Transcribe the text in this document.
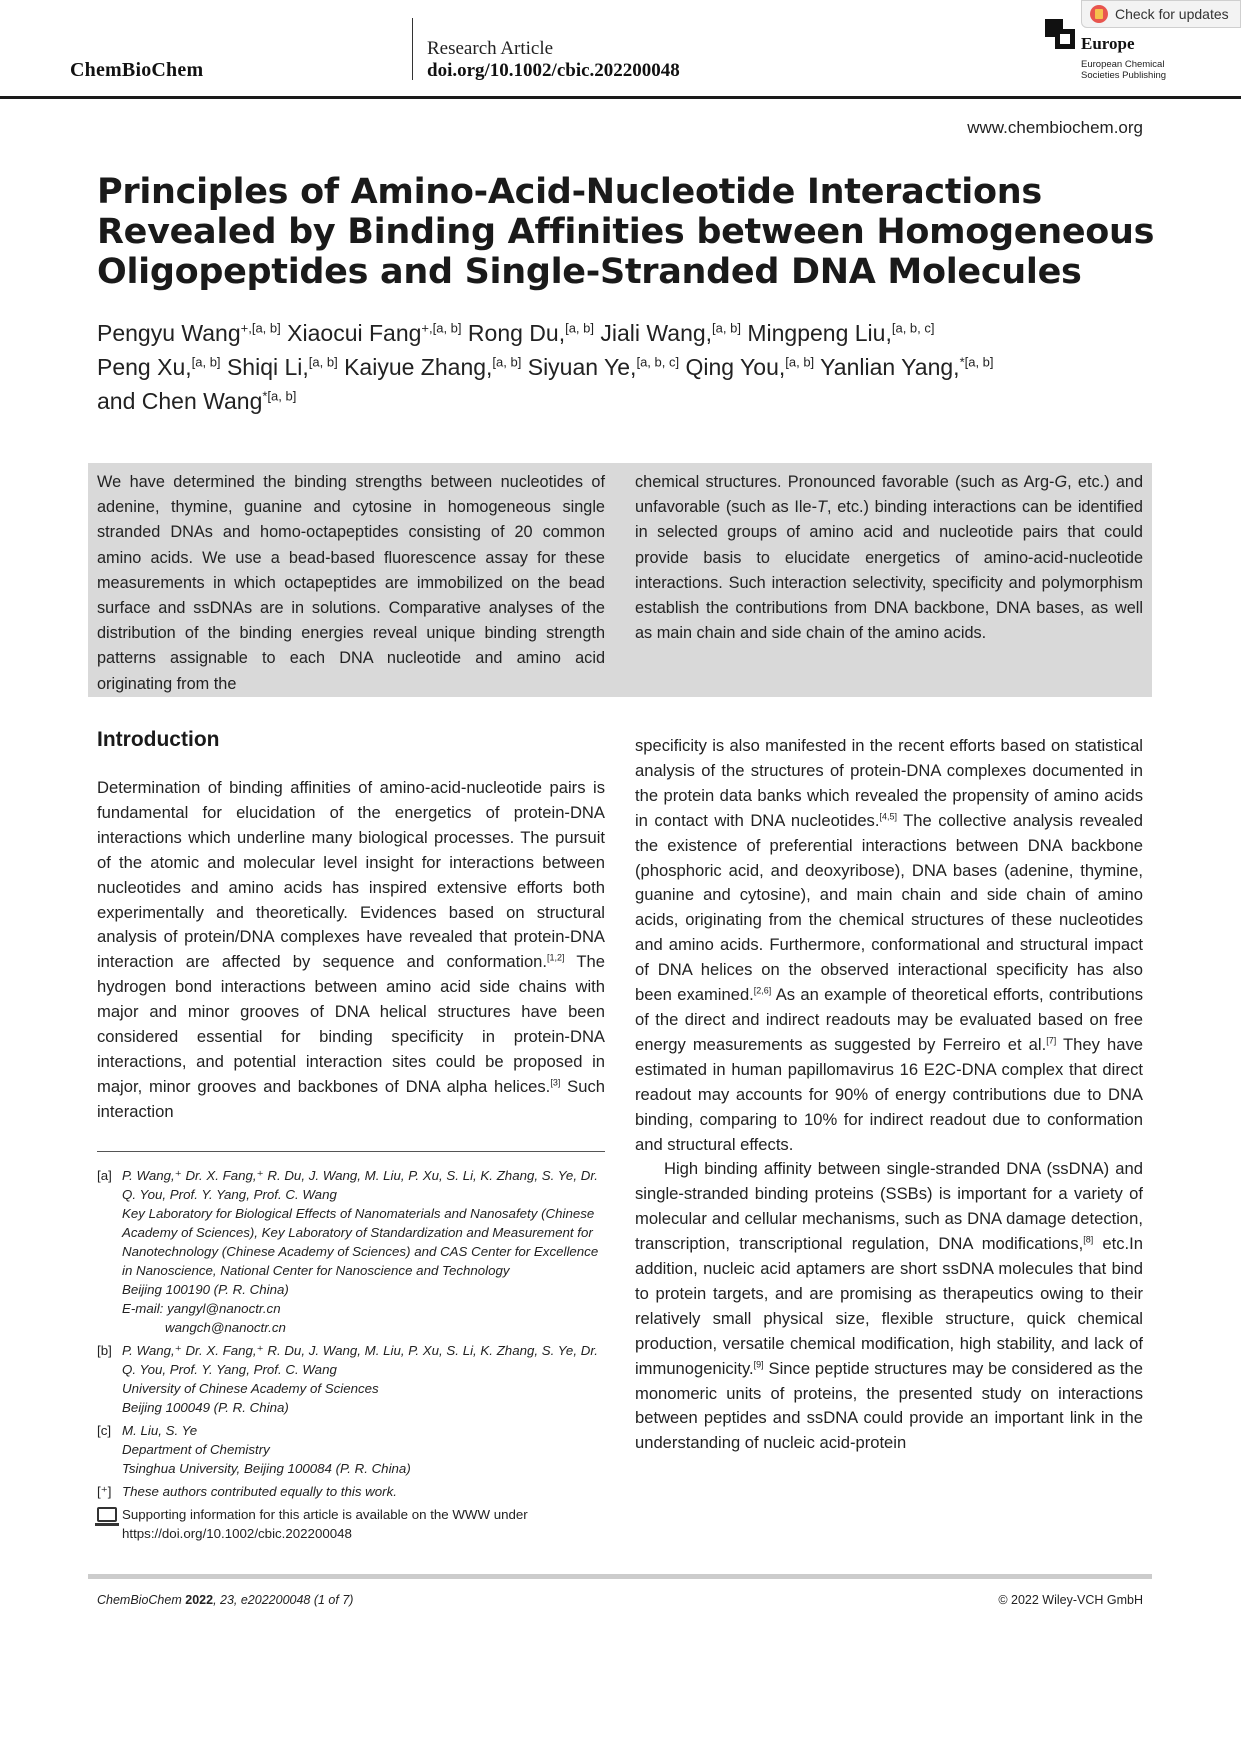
ChemBioChem
Research Article
doi.org/10.1002/cbic.202200048
Europe
European Chemical
Societies Publishing
Check for updates
www.chembiochem.org
Principles of Amino-Acid-Nucleotide Interactions Revealed by Binding Affinities between Homogeneous Oligopeptides and Single-Stranded DNA Molecules
Pengyu Wang$^{+,[a, b]}$ Xiaocui Fang$^{+,[a, b]}$ Rong Du,[a, b] Jiali Wang,[a, b] Mingpeng Liu,[a, b, c]
Peng Xu,[a, b] Shiqi Li,[a, b] Kaiyue Zhang,[a, b] Siyuan Ye,[a, b, c] Qing You,[a, b] Yanlian Yang,$^{*[a, b]}$
and Chen Wang$^{*[a, b]}$

We have determined the binding strengths between nucleotides of adenine, thymine, guanine and cytosine in homogeneous single stranded DNAs and homo-octapeptides consisting of 20 common amino acids. We use a bead-based fluorescence assay for these measurements in which octapeptides are immobilized on the bead surface and ssDNAs are in solutions. Comparative analyses of the distribution of the binding energies reveal unique binding strength patterns assignable to each DNA nucleotide and amino acid originating from the

chemical structures. Pronounced favorable (such as Arg-G, etc.) and unfavorable (such as Ile-T, etc.) binding interactions can be identified in selected groups of amino acid and nucleotide pairs that could provide basis to elucidate energetics of amino-acid-nucleotide interactions. Such interaction selectivity, specificity and polymorphism establish the contributions from DNA backbone, DNA bases, as well as main chain and side chain of the amino acids.

Introduction

Determination of binding affinities of amino-acid-nucleotide pairs is fundamental for elucidation of the energetics of protein-DNA interactions which underline many biological processes. The pursuit of the atomic and molecular level insight for interactions between nucleotides and amino acids has inspired extensive efforts both experimentally and theoretically. Evidences based on structural analysis of protein/DNA complexes have revealed that protein-DNA interaction are affected by sequence and conformation.[1,2] The hydrogen bond interactions between amino acid side chains with major and minor grooves of DNA helical structures have been considered essential for binding specificity in protein-DNA interactions, and potential interaction sites could be proposed in major, minor grooves and backbones of DNA alpha helices.[3] Such interaction

[a] P. Wang,⁺ Dr. X. Fang,⁺ R. Du, J. Wang, M. Liu, P. Xu, S. Li, K. Zhang, S. Ye, Dr. Q. You, Prof. Y. Yang, Prof. C. Wang
Key Laboratory for Biological Effects of Nanomaterials and Nanosafety (Chinese Academy of Sciences), Key Laboratory of Standardization and Measurement for Nanotechnology (Chinese Academy of Sciences) and CAS Center for Excellence in Nanoscience, National Center for Nanoscience and Technology
Beijing 100190 (P. R. China)
E-mail: yangyl@nanoctr.cn
wangch@nanoctr.cn
[b] P. Wang,⁺ Dr. X. Fang,⁺ R. Du, J. Wang, M. Liu, P. Xu, S. Li, K. Zhang, S. Ye, Dr. Q. You, Prof. Y. Yang, Prof. C. Wang
University of Chinese Academy of Sciences
Beijing 100049 (P. R. China)
[c] M. Liu, S. Ye
Department of Chemistry
Tsinghua University, Beijing 100084 (P. R. China)
[⁺] These authors contributed equally to this work.
Supporting information for this article is available on the WWW under https://doi.org/10.1002/cbic.202200048

specificity is also manifested in the recent efforts based on statistical analysis of the structures of protein-DNA complexes documented in the protein data banks which revealed the propensity of amino acids in contact with DNA nucleotides.[4,5] The collective analysis revealed the existence of preferential interactions between DNA backbone (phosphoric acid, and deoxyribose), DNA bases (adenine, thymine, guanine and cytosine), and main chain and side chain of amino acids, originating from the chemical structures of these nucleotides and amino acids. Furthermore, conformational and structural impact of DNA helices on the observed interactional specificity has also been examined.[2,6] As an example of theoretical efforts, contributions of the direct and indirect readouts may be evaluated based on free energy measurements as suggested by Ferreiro et al.[7] They have estimated in human papillomavirus 16 E2C-DNA complex that direct readout may accounts for 90% of energy contributions due to DNA binding, comparing to 10% for indirect readout due to conformation and structural effects.

High binding affinity between single-stranded DNA (ssDNA) and single-stranded binding proteins (SSBs) is important for a variety of molecular and cellular mechanisms, such as DNA damage detection, transcription, transcriptional regulation, DNA modifications,[8] etc.In addition, nucleic acid aptamers are short ssDNA molecules that bind to protein targets, and are promising as therapeutics owing to their relatively small physical size, flexible structure, quick chemical production, versatile chemical modification, high stability, and lack of immunogenicity.[9] Since peptide structures may be considered as the monomeric units of proteins, the presented study on interactions between peptides and ssDNA could provide an important link in the understanding of nucleic acid-protein

ChemBioChem 2022, 23, e202200048 (1 of 7)	© 2022 Wiley-VCH GmbH
